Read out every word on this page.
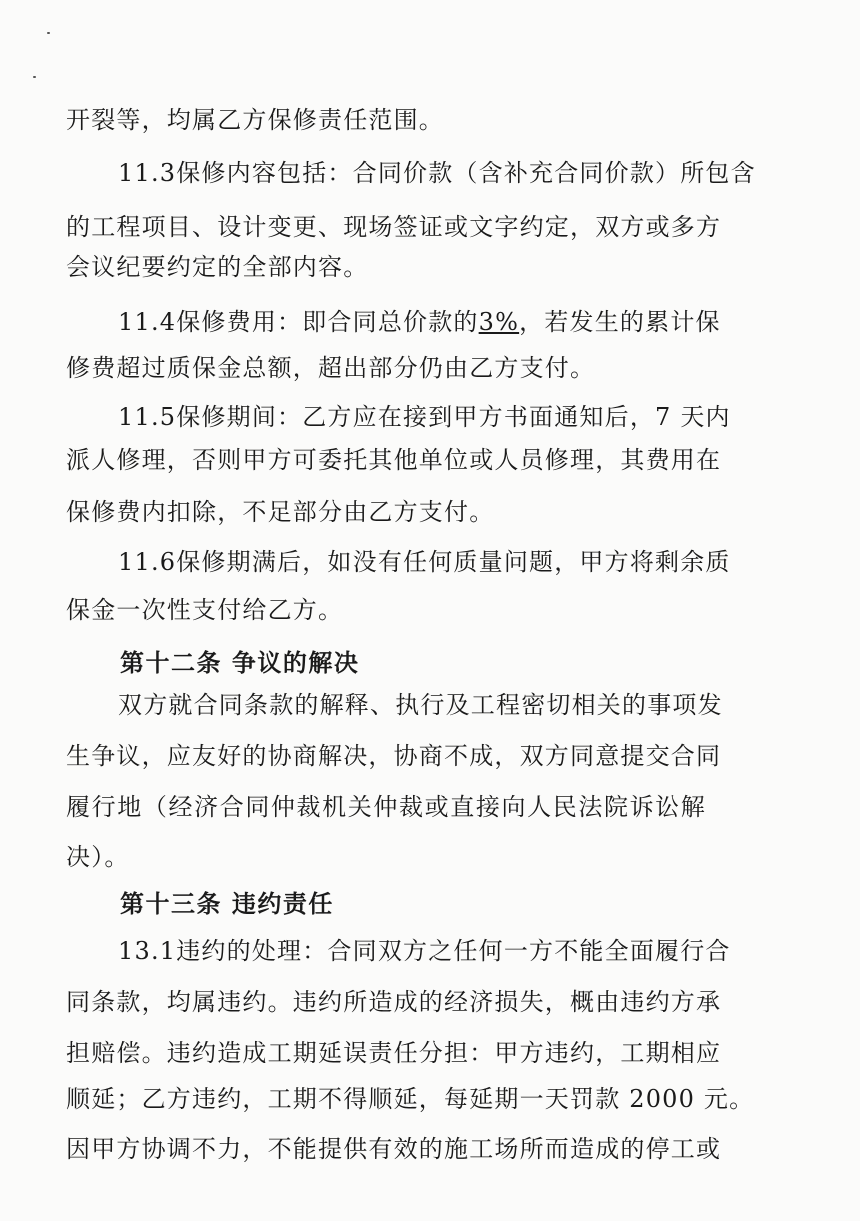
开裂等，均属乙方保修责任范围。
11.3保修内容包括：合同价款（含补充合同价款）所包含
的工程项目、设计变更、现场签证或文字约定，双方或多方
会议纪要约定的全部内容。
11.4保修费用：即合同总价款的3%，若发生的累计保
修费超过质保金总额，超出部分仍由乙方支付。
11.5保修期间：乙方应在接到甲方书面通知后，7 天内
派人修理，否则甲方可委托其他单位或人员修理，其费用在
保修费内扣除，不足部分由乙方支付。
11.6保修期满后，如没有任何质量问题，甲方将剩余质
保金一次性支付给乙方。
第十二条 争议的解决
双方就合同条款的解释、执行及工程密切相关的事项发
生争议，应友好的协商解决，协商不成，双方同意提交合同
履行地（经济合同仲裁机关仲裁或直接向人民法院诉讼解
决）。
第十三条 违约责任
13.1违约的处理：合同双方之任何一方不能全面履行合
同条款，均属违约。违约所造成的经济损失，概由违约方承
担赔偿。违约造成工期延误责任分担：甲方违约，工期相应
顺延；乙方违约，工期不得顺延，每延期一天罚款 2000 元。
因甲方协调不力，不能提供有效的施工场所而造成的停工或
